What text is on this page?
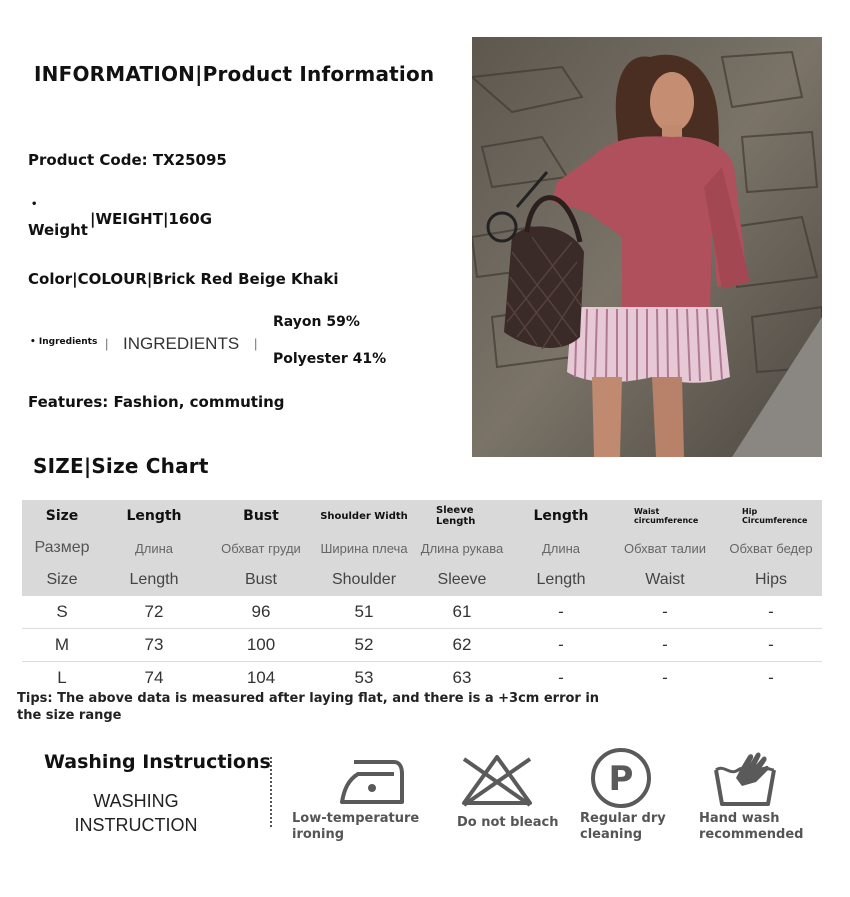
INFORMATION|Product Information
Product Code: TX25095
•
Weight
|WEIGHT|160G
Color|COLOUR|Brick Red Beige Khaki
• Ingredients | INGREDIENTS |
Rayon 59%
Polyester 41%
Features: Fashion, commuting
SIZE|Size Chart
Size	Length	Bust	Shoulder Width	Sleeve Length	Length	Waist circumference	Hip Circumference
Размер	Длина	Обхват груди	Ширина плеча	Длина рукава	Длина	Обхват талии	Обхват бедер
Size	Length	Bust	Shoulder	Sleeve	Length	Waist	Hips
S	72	96	51	61	-	-	-
M	73	100	52	62	-	-	-
L	74	104	53	63	-	-	-
Tips: The above data is measured after laying flat, and there is a +3cm error in the size range
Washing Instructions
WASHING
INSTRUCTION	Low-temperature
ironing
Do not bleach
P
Regular dry
cleaning
Hand wash
recommended
